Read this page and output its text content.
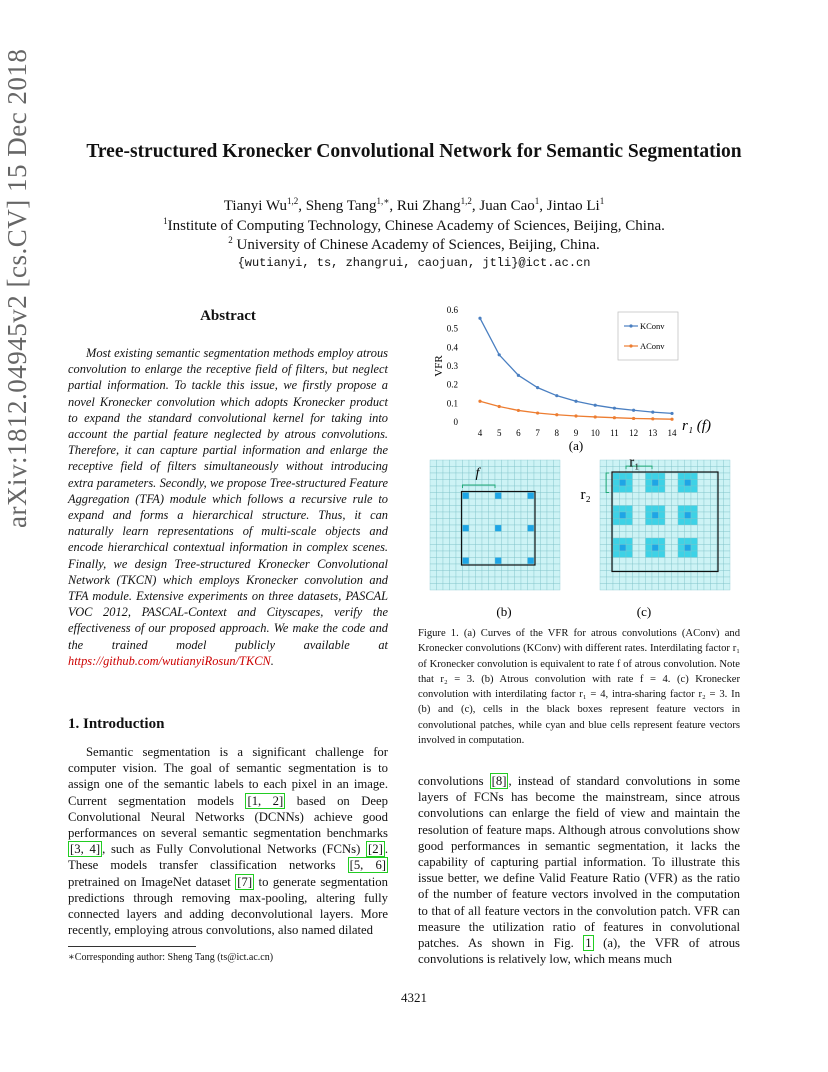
arXiv:1812.04945v2 [cs.CV] 15 Dec 2018	Tree-structured Kronecker Convolutional Network for Semantic Segmentation
Tianyi Wu$^{1,2}$, Sheng Tang$^{1,∗}$, Rui Zhang$^{1,2}$, Juan Cao$^1$, Jintao Li$^1$
$^1$Institute of Computing Technology, Chinese Academy of Sciences, Beijing, China.
$^2$ University of Chinese Academy of Sciences, Beijing, China.
{wutianyi, ts, zhangrui, caojuan, jtli}@ict.ac.cn
Abstract
Most existing semantic segmentation methods employ atrous convolution to enlarge the receptive field of filters, but neglect partial information. To tackle this issue, we firstly propose a novel Kronecker convolution which adopts Kronecker product to expand the standard convolutional kernel for taking into account the partial feature neglected by atrous convolutions. Therefore, it can capture partial information and enlarge the receptive field of filters simultaneously without introducing extra parameters. Secondly, we propose Tree-structured Feature Aggregation (TFA) module which follows a recursive rule to expand and forms a hierarchical structure. Thus, it can naturally learn representations of multi-scale objects and encode hierarchical contextual information in complex scenes. Finally, we design Tree-structured Kronecker Convolutional Network (TKCN) which employs Kronecker convolution and TFA module. Extensive experiments on three datasets, PASCAL VOC 2012, PASCAL-Context and Cityscapes, verify the effectiveness of our proposed approach. We make the code and the trained model publicly available at https://github.com/wutianyiRosun/TKCN.
1. Introduction
Semantic segmentation is a significant challenge for computer vision. The goal of semantic segmentation is to assign one of the semantic labels to each pixel in an image. Current segmentation models [1, 2] based on Deep Convolutional Neural Networks (DCNNs) achieve good performances on several semantic segmentation benchmarks [3, 4] , such as Fully Convolutional Networks (FCNs) [2] . These models transfer classification networks [5, 6] pretrained on ImageNet dataset [7] to generate segmentation predictions through removing max-pooling, altering fully connected layers and adding deconvolutional layers. More recently, employing atrous convolutions, also named dilated
∗Corresponding author: Sheng Tang (ts@ict.ac.cn)
4321
0
0.1
0.2
0.3
0.4
0.5
0.6
4 5 6 7 8 9 10 11 12 13 14
VFR
r₁ (f)
KConv
AConv
(a)
f
r₁
r₂
(b)	(c)
Figure 1. (a) Curves of the VFR for atrous convolutions (AConv) and Kronecker convolutions (KConv) with different rates. Interdilating factor r₁ of Kronecker convolution is equivalent to rate f of atrous convolution. Note that r₂ = 3. (b) Atrous convolution with rate f = 4. (c) Kronecker convolution with interdilating factor r₁ = 4, intra-sharing factor r₂ = 3. In (b) and (c), cells in the black boxes represent feature vectors in convolutional patches, while cyan and blue cells represent feature vectors involved in computation.
convolutions [8] , instead of standard convolutions in some layers of FCNs has become the mainstream, since atrous convolutions can enlarge the field of view and maintain the resolution of feature maps. Although atrous convolutions show good performances in semantic segmentation, it lacks the capability of capturing partial information. To illustrate this issue better, we define Valid Feature Ratio (VFR) as the ratio of the number of feature vectors involved in the computation to that of all feature vectors in the convolution patch. VFR can measure the utilization ratio of features in convolutional patches. As shown in Fig. 1 (a), the VFR of atrous convolutions is relatively low, which means much
